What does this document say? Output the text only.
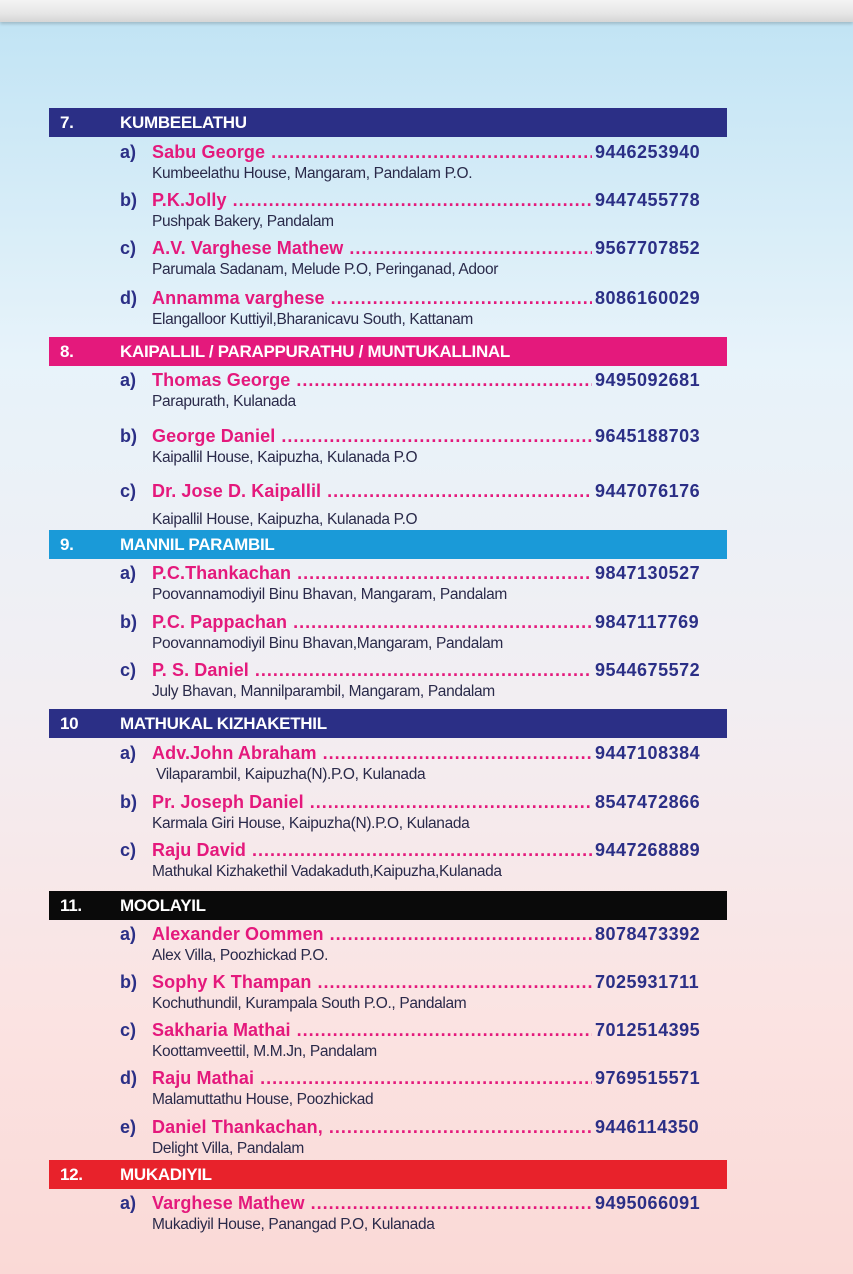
7.	KUMBEELATHU
a) Sabu George .....	9446253940
Kumbeelathu House, Mangaram, Pandalam P.O.
b) P.K.Jolly .....	9447455778
Pushpak Bakery, Pandalam
c) A.V. Varghese Mathew .....	9567707852
Parumala Sadanam, Melude P.O, Peringanad, Adoor
d) Annamma varghese .....	8086160029
Elangalloor Kuttiyil,Bharanicavu South, Kattanam
8.	KAIPALLIL / PARAPPURATHU / MUNTUKALLINAL
a) Thomas George .....	9495092681
Parapurath, Kulanada
b) George Daniel .....	9645188703
Kaipallil House, Kaipuzha, Kulanada P.O
c) Dr. Jose D. Kaipallil .....	9447076176
Kaipallil House, Kaipuzha, Kulanada P.O
9.	MANNIL PARAMBIL
a) P.C.Thankachan .....	9847130527
Poovannamodiyil Binu Bhavan, Mangaram, Pandalam
b) P.C. Pappachan .....	9847117769
Poovannamodiyil Binu Bhavan,Mangaram, Pandalam
c) P. S. Daniel .....	9544675572
July Bhavan, Mannilparambil, Mangaram, Pandalam
10	MATHUKAL KIZHAKETHIL
a) Adv.John Abraham .....	9447108384
Vilaparambil, Kaipuzha(N).P.O, Kulanada
b) Pr. Joseph Daniel .....	8547472866
Karmala Giri House, Kaipuzha(N).P.O, Kulanada
c) Raju David .....	9447268889
Mathukal Kizhakethil Vadakaduth,Kaipuzha,Kulanada
11.	MOOLAYIL
a) Alexander Oommen .....	8078473392
Alex Villa, Poozhickad P.O.
b) Sophy K Thampan .....	7025931711
Kochuthundil, Kurampala South P.O., Pandalam
c) Sakharia Mathai .....	7012514395
Koottamveettil, M.M.Jn, Pandalam
d) Raju Mathai .....	9769515571
Malamuttathu House, Poozhickad
e) Daniel Thankachan, .....	9446114350
Delight Villa, Pandalam
12.	MUKADIYIL
a) Varghese Mathew .....	9495066091
Mukadiyil House, Panangad P.O, Kulanada
